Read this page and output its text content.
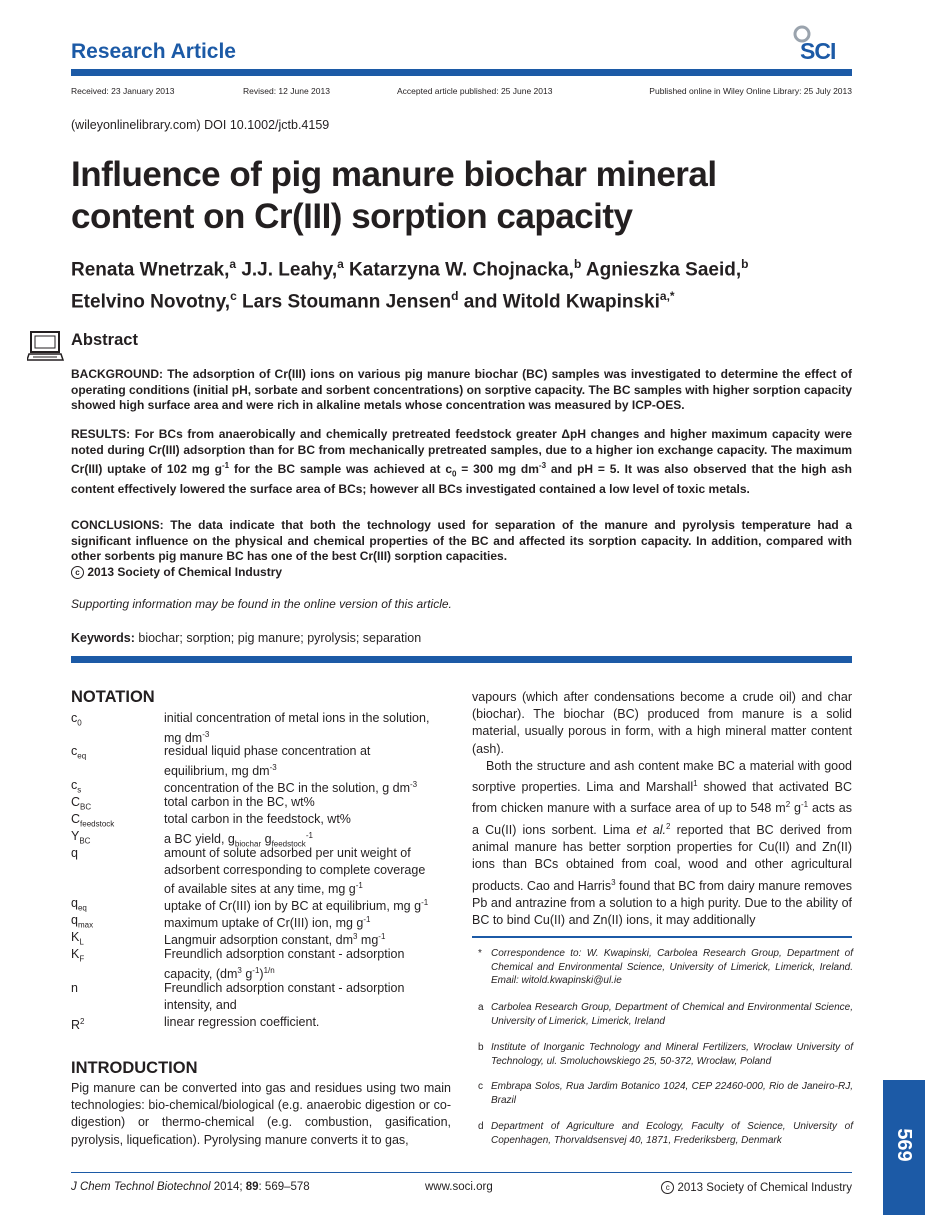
Research Article	SCI
Received: 23 January 2013	Revised: 12 June 2013	Accepted article published: 25 June 2013	Published online in Wiley Online Library: 25 July 2013
(wileyonlinelibrary.com) DOI 10.1002/jctb.4159
Influence of pig manure biochar mineral
content on Cr(III) sorption capacity
Renata Wnetrzak,$^a$ J.J. Leahy,$^a$ Katarzyna W. Chojnacka,$^b$ Agnieszka Saeid,$^b$
Etelvino Novotny,$^c$ Lars Stoumann Jensen$^d$ and Witold Kwapinski$^{a,*}$
Abstract
BACKGROUND: The adsorption of Cr(III) ions on various pig manure biochar (BC) samples was investigated to determine the effect of operating conditions (initial pH, sorbate and sorbent concentrations) on sorptive capacity. The BC samples with higher sorption capacity showed high surface area and were rich in alkaline metals whose concentration was measured by ICP-OES.
RESULTS: For BCs from anaerobically and chemically pretreated feedstock greater ΔpH changes and higher maximum capacity were noted during Cr(III) adsorption than for BC from mechanically pretreated samples, due to a higher ion exchange capacity. The maximum Cr(III) uptake of 102 mg $g^{-1}$ for the BC sample was achieved at $c_0 = 300$ mg $dm^{-3}$ and pH = 5. It was also observed that the high ash content effectively lowered the surface area of BCs; however all BCs investigated contained a low level of toxic metals.
CONCLUSIONS: The data indicate that both the technology used for separation of the manure and pyrolysis temperature had a significant influence on the physical and chemical properties of the BC and affected its sorption capacity. In addition, compared with other sorbents pig manure BC has one of the best Cr(III) sorption capacities.
c 2013 Society of Chemical Industry
Supporting information may be found in the online version of this article.
Keywords: biochar; sorption; pig manure; pyrolysis; separation
NOTATION
$c_0$	initial concentration of metal ions in the solution,
mg $dm^{-3}$
$c_{eq}$	residual liquid phase concentration at
equilibrium, mg $dm^{-3}$
$c_s$	concentration of the BC in the solution, g $dm^{-3}$
$C_{BC}$	total carbon in the BC, wt%
$C_{feedstock}$	total carbon in the feedstock, wt%
$Y_{BC}$	a BC yield, $g_{biochar}$ $g_{feedstock}^{-1}$
q	amount of solute adsorbed per unit weight of
adsorbent corresponding to complete coverage
of available sites at any time, mg $g^{-1}$
$q_{eq}$	uptake of Cr(III) ion by BC at equilibrium, mg $g^{-1}$
$q_{max}$	maximum uptake of Cr(III) ion, mg $g^{-1}$
$K_L$	Langmuir adsorption constant, $dm^3$ $mg^{-1}$
$K_F$	Freundlich adsorption constant - adsorption
capacity, ($dm^3$ $g^{-1})^{1/n}$
n	Freundlich adsorption constant - adsorption
intensity, and
$R^2$	linear regression coefficient.
INTRODUCTION
Pig manure can be converted into gas and residues using two main technologies: bio-chemical/biological (e.g. anaerobic digestion or co-digestion) or thermo-chemical (e.g. combustion, gasification, pyrolysis, liquefication). Pyrolysing manure converts it to gas,
vapours (which after condensations become a crude oil) and char (biochar). The biochar (BC) produced from manure is a solid material, usually porous in form, with a high mineral matter content (ash).
Both the structure and ash content make BC a material with good sorptive properties. Lima and Marshall$^1$ showed that activated BC from chicken manure with a surface area of up to 548 $m^2$ $g^{-1}$ acts as a Cu(II) ions sorbent. Lima et al.$^2$ reported that BC derived from animal manure has better sorption properties for Cu(II) and Zn(II) ions than BCs obtained from coal, wood and other agricultural products. Cao and Harris$^3$ found that BC from dairy manure removes Pb and antrazine from a solution to a high purity. Due to the ability of BC to bind Cu(II) and Zn(II) ions, it may additionally
* Correspondence to: W. Kwapinski, Carbolea Research Group, Department of Chemical and Environmental Science, University of Limerick, Limerick, Ireland. Email: witold.kwapinski@ul.ie
a Carbolea Research Group, Department of Chemical and Environmental Science, University of Limerick, Limerick, Ireland
b Institute of Inorganic Technology and Mineral Fertilizers, Wrocław University of Technology, ul. Smoluchowskiego 25, 50-372, Wrocław, Poland
c Embrapa Solos, Rua Jardim Botanico 1024, CEP 22460-000, Rio de Janeiro-RJ, Brazil
d Department of Agriculture and Ecology, Faculty of Science, University of Copenhagen, Thorvaldsensvej 40, 1871, Frederiksberg, Denmark	569
J Chem Technol Biotechnol 2014; 89: 569–578	www.soci.org	c 2013 Society of Chemical Industry
